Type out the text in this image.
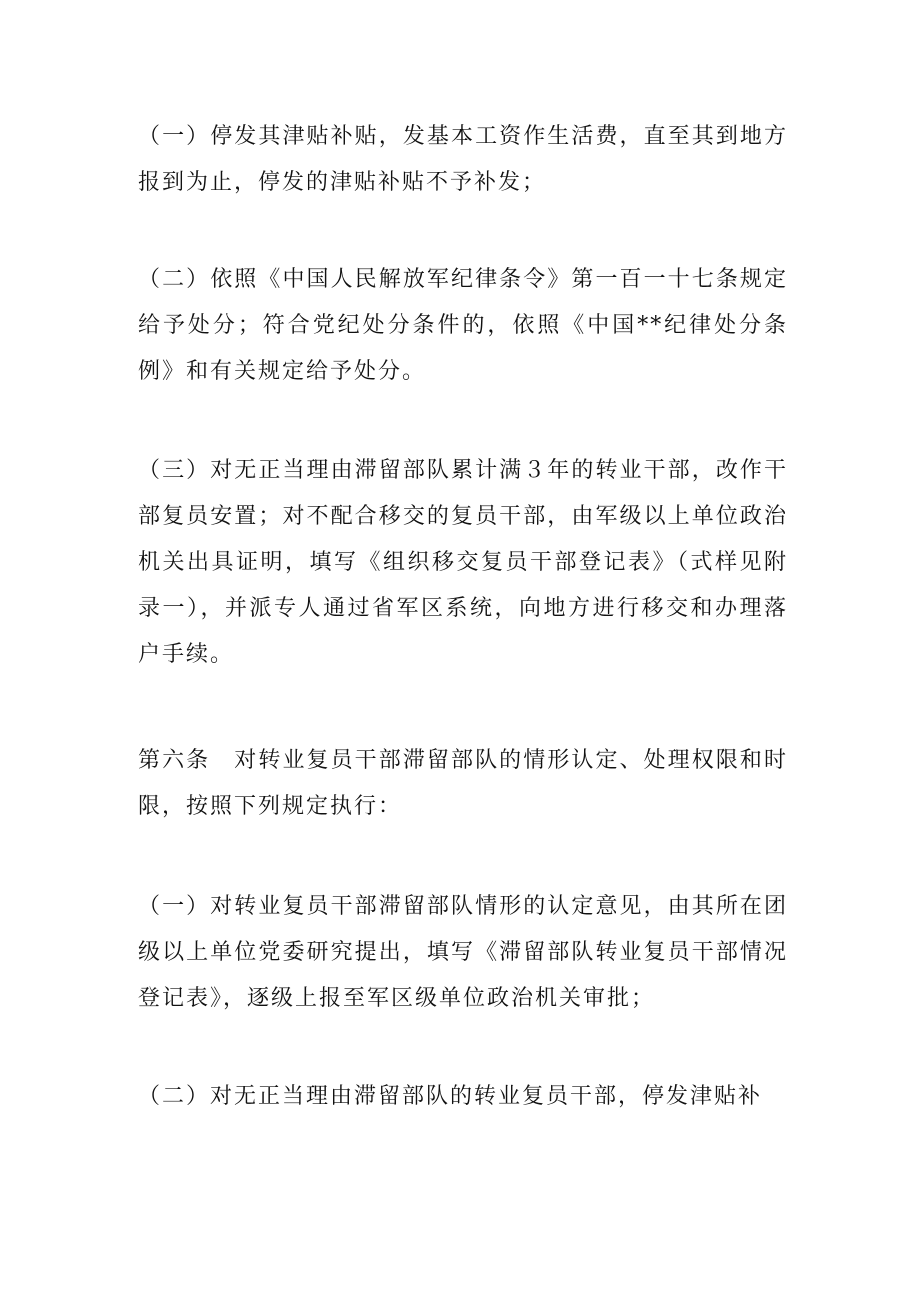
（一）停发其津贴补贴，发基本工资作生活费，直至其到地方报到为止，停发的津贴补贴不予补发；

（二）依照《中国人民解放军纪律条令》第一百一十七条规定给予处分；符合党纪处分条件的，依照《中国**纪律处分条例》和有关规定给予处分。

（三）对无正当理由滞留部队累计满３年的转业干部，改作干部复员安置；对不配合移交的复员干部，由军级以上单位政治机关出具证明，填写《组织移交复员干部登记表》（式样见附录一），并派专人通过省军区系统，向地方进行移交和办理落户手续。

第六条　对转业复员干部滞留部队的情形认定、处理权限和时限，按照下列规定执行：

（一）对转业复员干部滞留部队情形的认定意见，由其所在团级以上单位党委研究提出，填写《滞留部队转业复员干部情况登记表》，逐级上报至军区级单位政治机关审批；

（二）对无正当理由滞留部队的转业复员干部，停发津贴补
